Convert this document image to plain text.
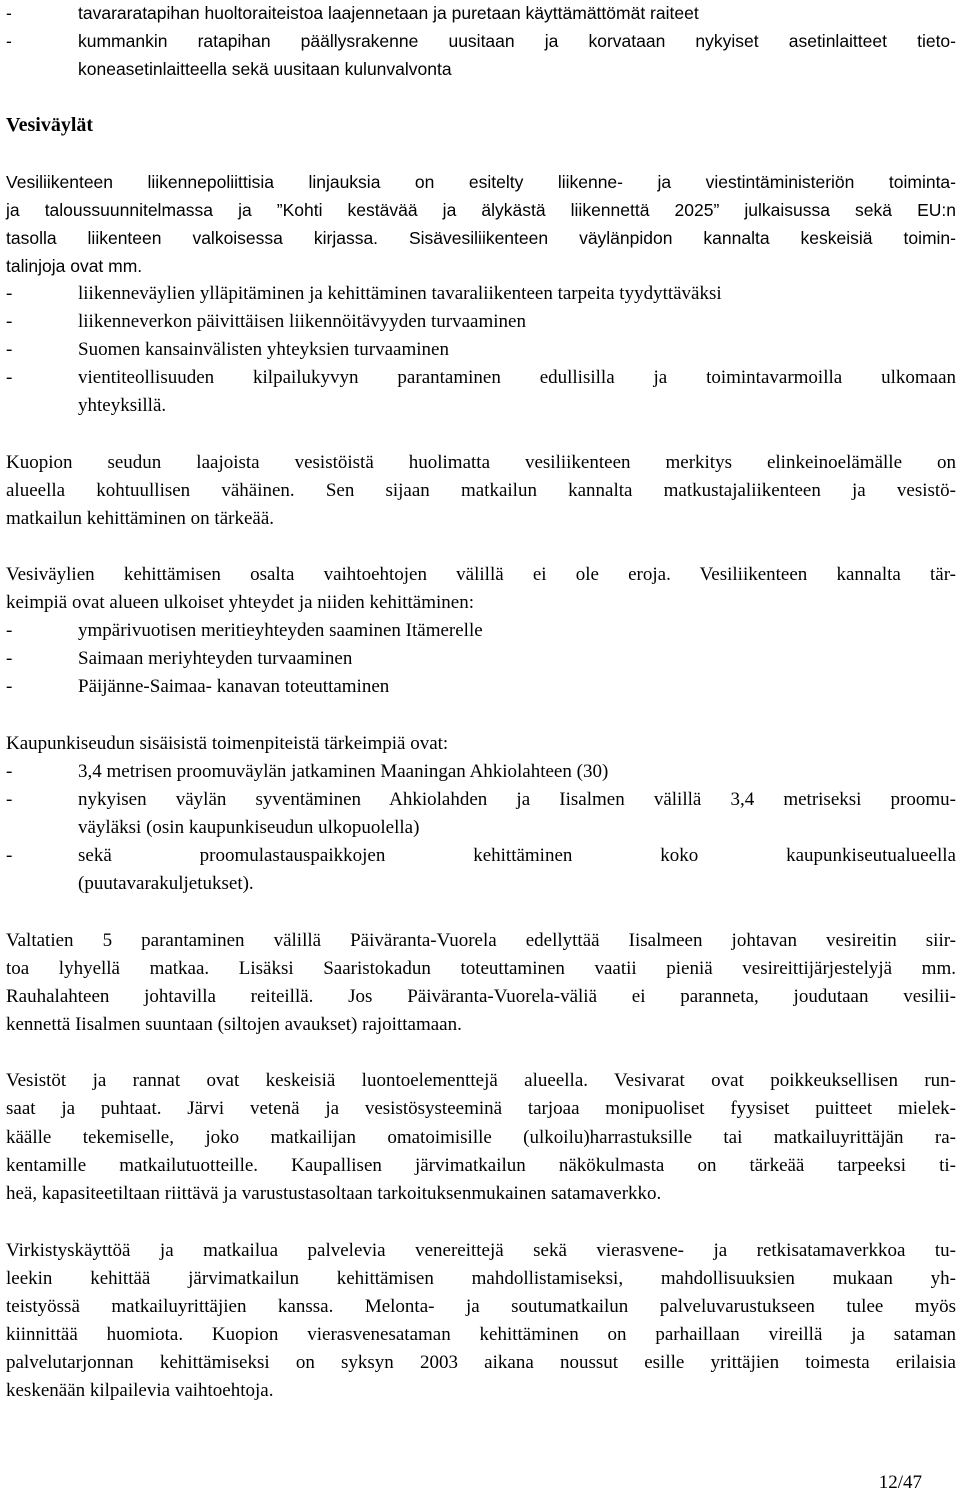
12/47
-	tavararatapihan huoltoraiteistoa laajennetaan ja puretaan käyttämättömät raiteet
-	kummankin ratapihan päällysrakenne uusitaan ja korvataan nykyiset asetinlaitteet tieto-
koneasetinlaitteella sekä uusitaan kulunvalvonta
Vesiväylät
Vesiliikenteen liikennepoliittisia linjauksia on esitelty liikenne- ja viestintäministeriön toiminta-
ja taloussuunnitelmassa ja ”Kohti kestävää ja älykästä liikennettä 2025” julkaisussa sekä EU:n
tasolla liikenteen valkoisessa kirjassa. Sisävesiliikenteen väylänpidon kannalta keskeisiä toimin-
talinjoja ovat mm.
-	liikenneväylien ylläpitäminen ja kehittäminen tavaraliikenteen tarpeita tyydyttäväksi
-	liikenneverkon päivittäisen liikennöitävyyden turvaaminen
-	Suomen kansainvälisten yhteyksien turvaaminen
-	vientiteollisuuden kilpailukyvyn parantaminen edullisilla ja toimintavarmoilla ulkomaan
yhteyksillä.
Kuopion seudun laajoista vesistöistä huolimatta vesiliikenteen merkitys elinkeinoelämälle on
alueella kohtuullisen vähäinen. Sen sijaan matkailun kannalta matkustajaliikenteen ja vesistö-
matkailun kehittäminen on tärkeää.
Vesiväylien kehittämisen osalta vaihtoehtojen välillä ei ole eroja. Vesiliikenteen kannalta tär-
keimpiä ovat alueen ulkoiset yhteydet ja niiden kehittäminen:
-	ympärivuotisen meritieyhteyden saaminen Itämerelle
-	Saimaan meriyhteyden turvaaminen
-	Päijänne-Saimaa- kanavan toteuttaminen
Kaupunkiseudun sisäisistä toimenpiteistä tärkeimpiä ovat:
-	3,4 metrisen proomuväylän jatkaminen Maaningan Ahkiolahteen (30)
-	nykyisen väylän syventäminen Ahkiolahden ja Iisalmen välillä 3,4 metriseksi proomu-
väyläksi (osin kaupunkiseudun ulkopuolella)
-	sekä proomulastauspaikkojen kehittäminen koko kaupunkiseutualueella
(puutavarakuljetukset).
Valtatien 5 parantaminen välillä Päiväranta-Vuorela edellyttää Iisalmeen johtavan vesireitin siir-
toa lyhyellä matkaa. Lisäksi Saaristokadun toteuttaminen vaatii pieniä vesireittijärjestelyjä mm.
Rauhalahteen johtavilla reiteillä. Jos Päiväranta-Vuorela-väliä ei paranneta, joudutaan vesilii-
kennettä Iisalmen suuntaan (siltojen avaukset) rajoittamaan.
Vesistöt ja rannat ovat keskeisiä luontoelementtejä alueella. Vesivarat ovat poikkeuksellisen run-
saat ja puhtaat. Järvi vetenä ja vesistösysteeminä tarjoaa monipuoliset fyysiset puitteet mielek-
käälle tekemiselle, joko matkailijan omatoimisille (ulkoilu)harrastuksille tai matkailuyrittäjän ra-
kentamille matkailutuotteille. Kaupallisen järvimatkailun näkökulmasta on tärkeää tarpeeksi ti-
heä, kapasiteetiltaan riittävä ja varustustasoltaan tarkoituksenmukainen satamaverkko.
Virkistyskäyttöä ja matkailua palvelevia venereittejä sekä vierasvene- ja retkisatamaverkkoa tu-
leekin kehittää järvimatkailun kehittämisen mahdollistamiseksi, mahdollisuuksien mukaan yh-
teistyössä matkailuyrittäjien kanssa. Melonta- ja soutumatkailun palveluvarustukseen tulee myös
kiinnittää huomiota. Kuopion vierasvenesataman kehittäminen on parhaillaan vireillä ja sataman
palvelutarjonnan kehittämiseksi on syksyn 2003 aikana noussut esille yrittäjien toimesta erilaisia
keskenään kilpailevia vaihtoehtoja.
